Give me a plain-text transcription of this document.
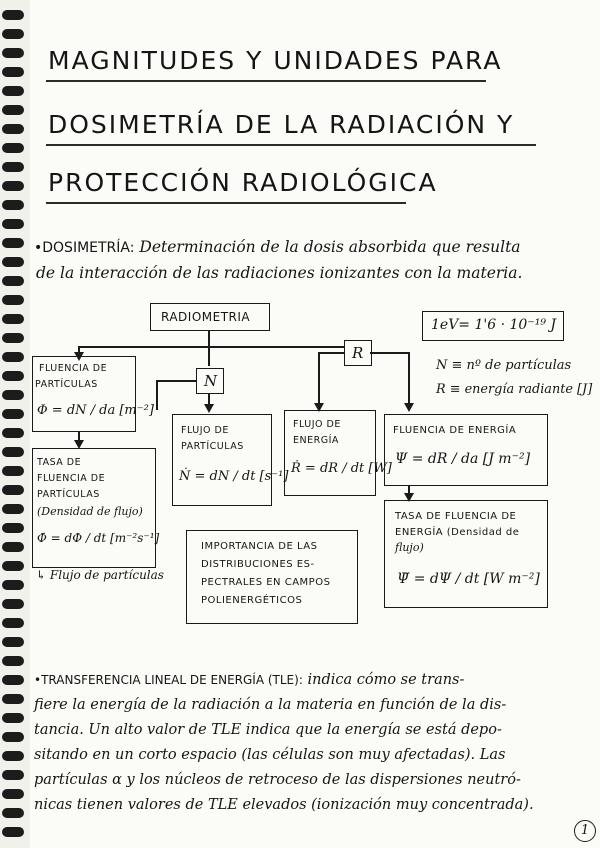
MAGNITUDES Y UNIDADES PARA
DOSIMETRÍA DE LA RADIACIÓN Y
PROTECCIÓN RADIOLÓGICA
•DOSIMETRÍA: Determinación de la dosis absorbida que resulta
de la interacción de las radiaciones ionizantes con la materia.
RADIOMETRIA	1eV= 1'6 · 10⁻¹⁹ J
N
R
N ≡ nº de partículas
R ≡ energía radiante [J]
FLUENCIA DE
PARTÍCULAS
Φ = dN / da [m⁻²]
TASA DE
FLUENCIA DE
PARTÍCULAS
(Densidad de flujo)
Φ̇ = dΦ / dt [m⁻²s⁻¹]
↳ Flujo de partículas
FLUJO DE
PARTÍCULAS
Ṅ = dN / dt [s⁻¹]
FLUJO DE
ENERGÍA
Ṙ = dR / dt [W]
FLUENCIA DE ENERGÍA
Ψ = dR / da [J m⁻²]
TASA DE FLUENCIA DE
ENERGÍA (Densidad de
flujo)
Ψ̇ = dΨ / dt [W m⁻²]
IMPORTANCIA DE LAS
DISTRIBUCIONES ES-
PECTRALES EN CAMPOS
POLIENERGÉTICOS
•TRANSFERENCIA LINEAL DE ENERGÍA (TLE): indica cómo se trans-
fiere la energía de la radiación a la materia en función de la dis-
tancia. Un alto valor de TLE indica que la energía se está depo-
sitando en un corto espacio (las células son muy afectadas). Las
partículas α y los núcleos de retroceso de las dispersiones neutró-
nicas tienen valores de TLE elevados (ionización muy concentrada).
1
